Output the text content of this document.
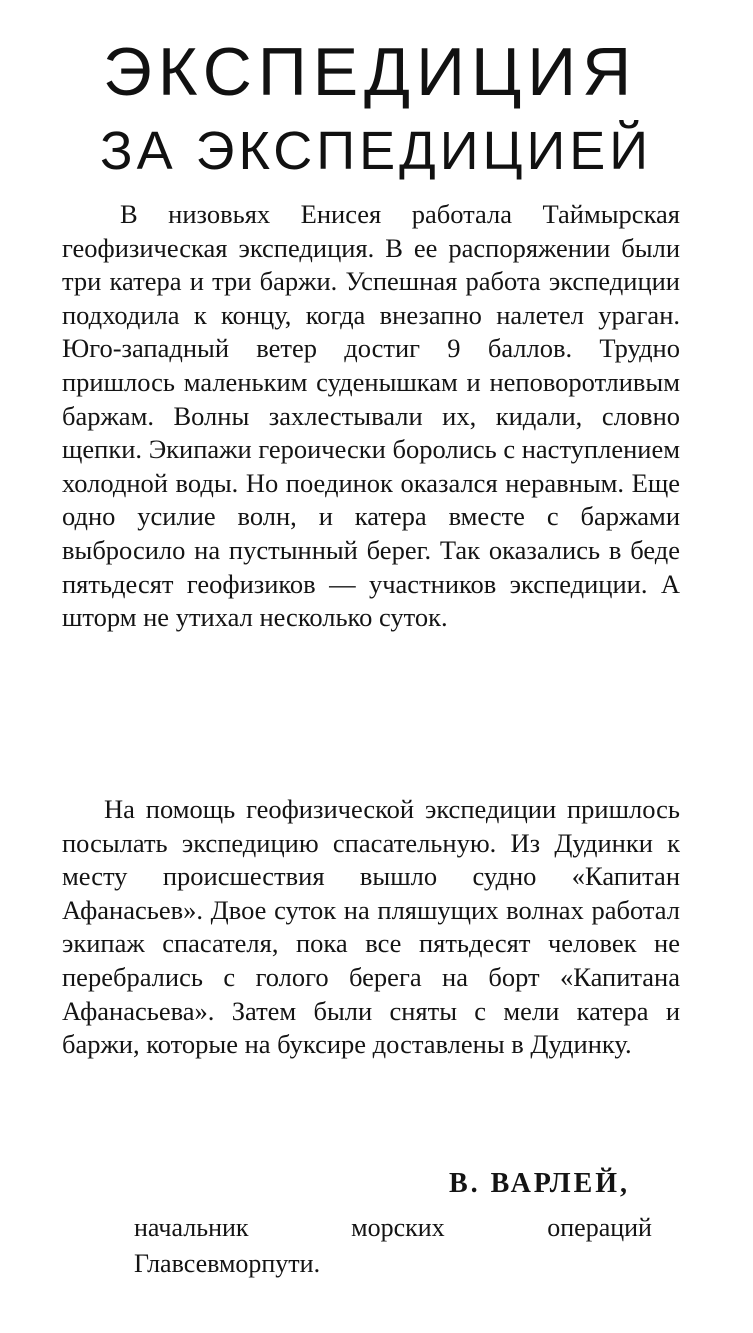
ЭКСПЕДИЦИЯ
ЗА ЭКСПЕДИЦИЕЙ

В низовьях Енисея работала Таймырская геофизическая экспедиция. В ее распоряжении были три катера и три баржи. Успешная работа экспедиции подходила к концу, когда внезапно налетел ураган. Юго-западный ветер достиг 9 баллов. Трудно пришлось маленьким суденышкам и неповоротливым баржам. Волны захлестывали их, кидали, словно щепки. Экипажи героически боролись с наступлением холодной воды. Но поединок оказался неравным. Еще одно усилие волн, и катера вместе с баржами выбросило на пустынный берег. Так оказались в беде пятьдесят геофизиков — участников экспедиции. А шторм не утихал несколько суток.

На помощь геофизической экспедиции пришлось посылать экспедицию спасательную. Из Дудинки к месту происшествия вышло судно «Капитан Афанасьев». Двое суток на пляшущих волнах работал экипаж спасателя, пока все пятьдесят человек не перебрались с голого берега на борт «Капитана Афанасьева». Затем были сняты с мели катера и баржи, которые на буксире доставлены в Дудинку.

В. ВАРЛЕЙ,
начальник	морских	операций
Главсевморпути.
